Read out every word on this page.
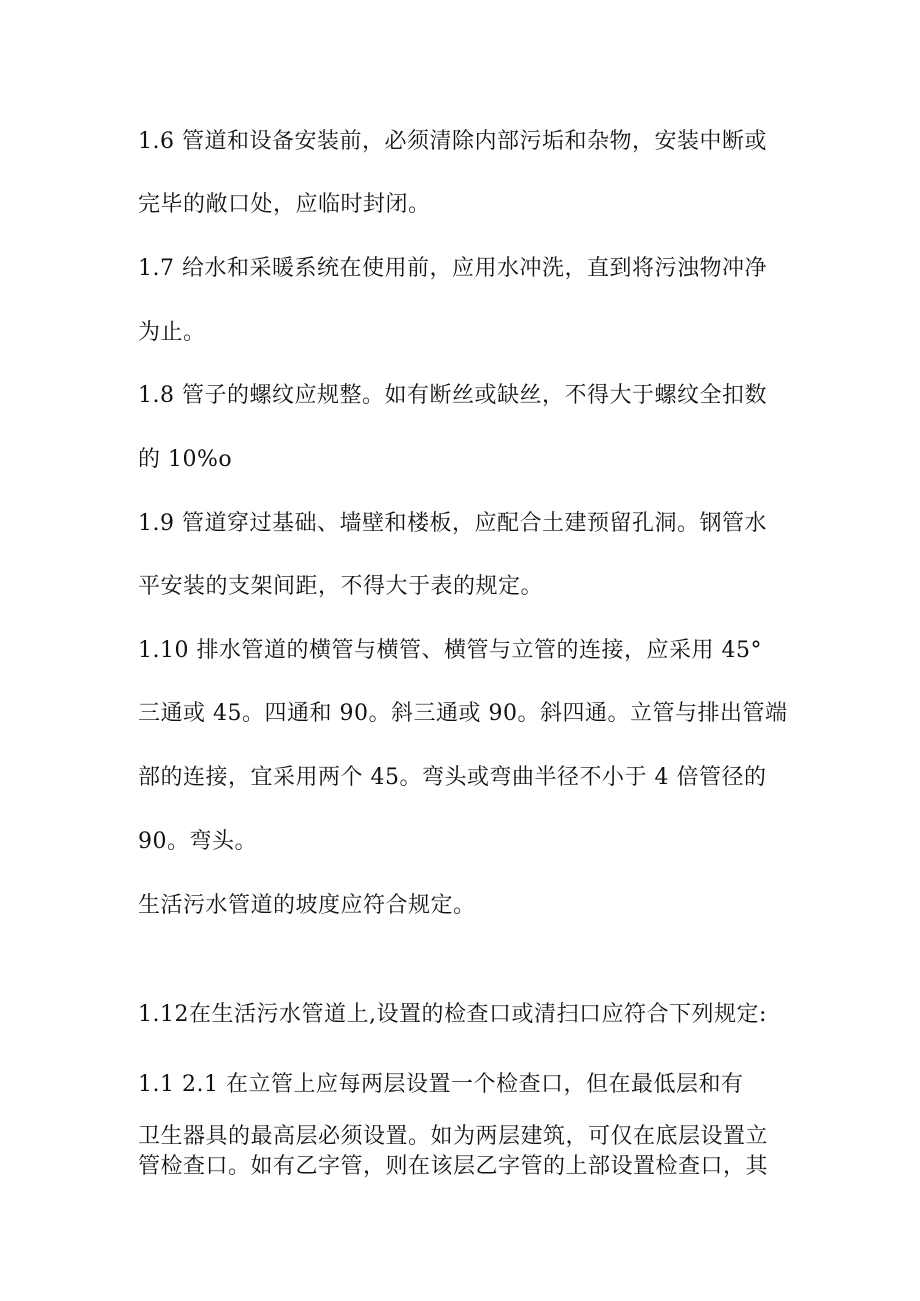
1.6 管道和设备安装前，必须清除内部污垢和杂物，安装中断或
完毕的敞口处，应临时封闭。
1.7 给水和采暖系统在使用前，应用水冲洗，直到将污浊物冲净
为止。
1.8 管子的螺纹应规整。如有断丝或缺丝，不得大于螺纹全扣数
的 10%o
1.9 管道穿过基础、墙壁和楼板，应配合土建预留孔洞。钢管水
平安装的支架间距，不得大于表的规定。
1.10 排水管道的横管与横管、横管与立管的连接，应采用 45°
三通或 45。四通和 90。斜三通或 90。斜四通。立管与排出管端
部的连接，宜采用两个 45。弯头或弯曲半径不小于 4 倍管径的
90。弯头。
生活污水管道的坡度应符合规定。
1.12在生活污水管道上,设置的检查口或清扫口应符合下列规定:
1.1 2.1 在立管上应每两层设置一个检查口，但在最低层和有
卫生器具的最高层必须设置。如为两层建筑，可仅在底层设置立
管检查口。如有乙字管，则在该层乙字管的上部设置检查口，其
